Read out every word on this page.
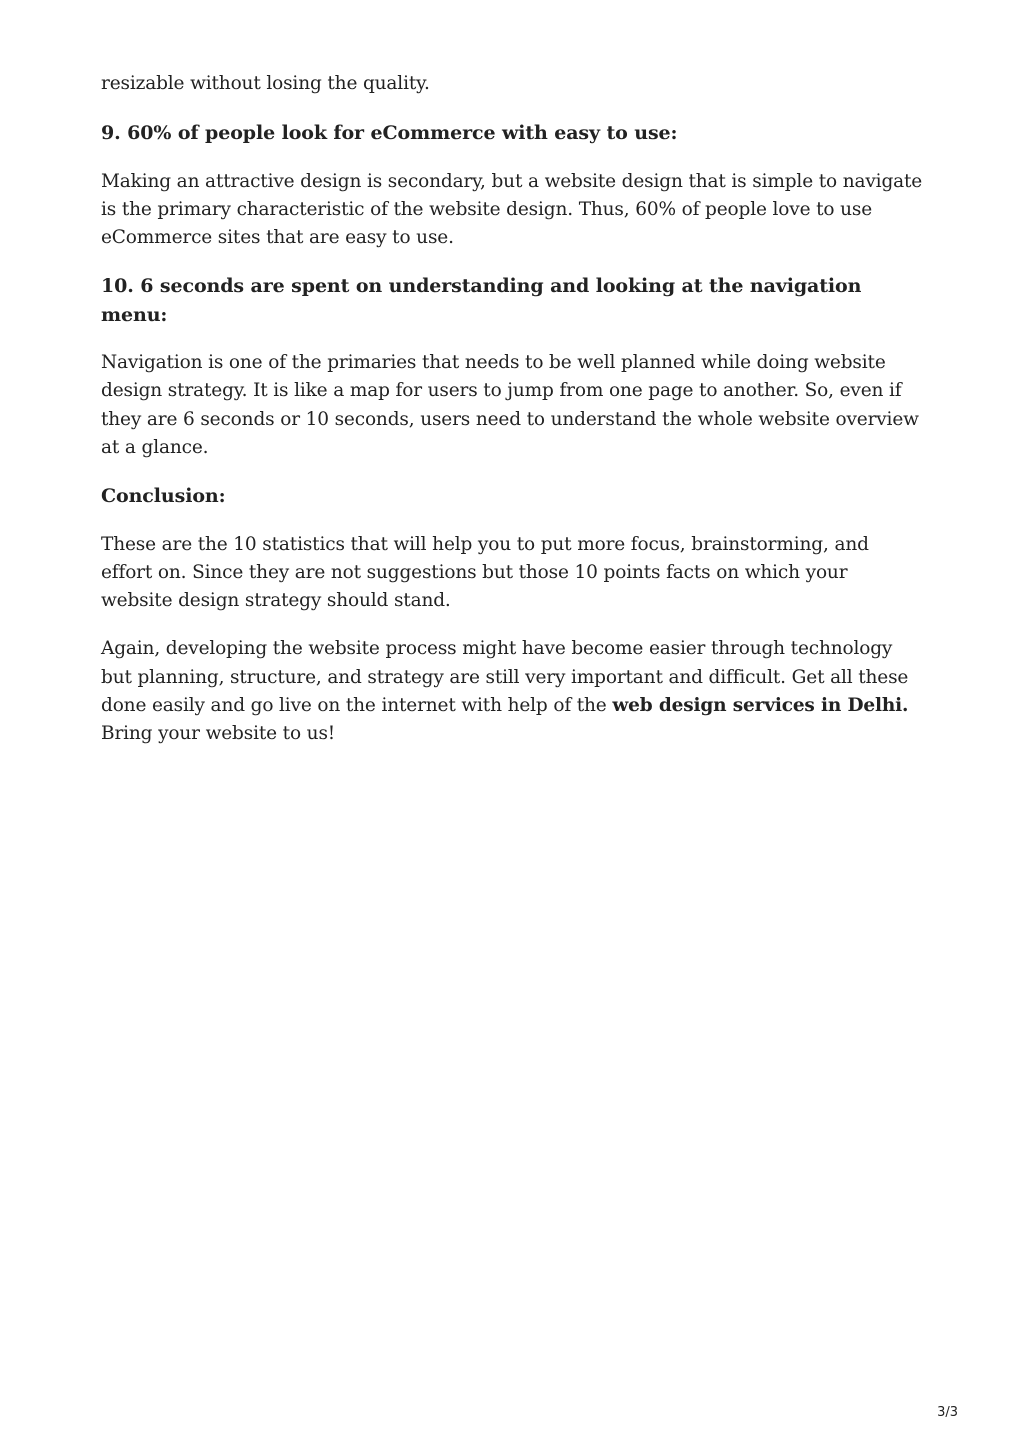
resizable without losing the quality.

9. 60% of people look for eCommerce with easy to use:

Making an attractive design is secondary, but a website design that is simple to navigate is the primary characteristic of the website design. Thus, 60% of people love to use eCommerce sites that are easy to use.

10. 6 seconds are spent on understanding and looking at the navigation menu:

Navigation is one of the primaries that needs to be well planned while doing website design strategy. It is like a map for users to jump from one page to another. So, even if they are 6 seconds or 10 seconds, users need to understand the whole website overview at a glance.

Conclusion:

These are the 10 statistics that will help you to put more focus, brainstorming, and effort on. Since they are not suggestions but those 10 points facts on which your website design strategy should stand.

Again, developing the website process might have become easier through technology but planning, structure, and strategy are still very important and difficult. Get all these done easily and go live on the internet with help of the web design services in Delhi. Bring your website to us!

3/3
